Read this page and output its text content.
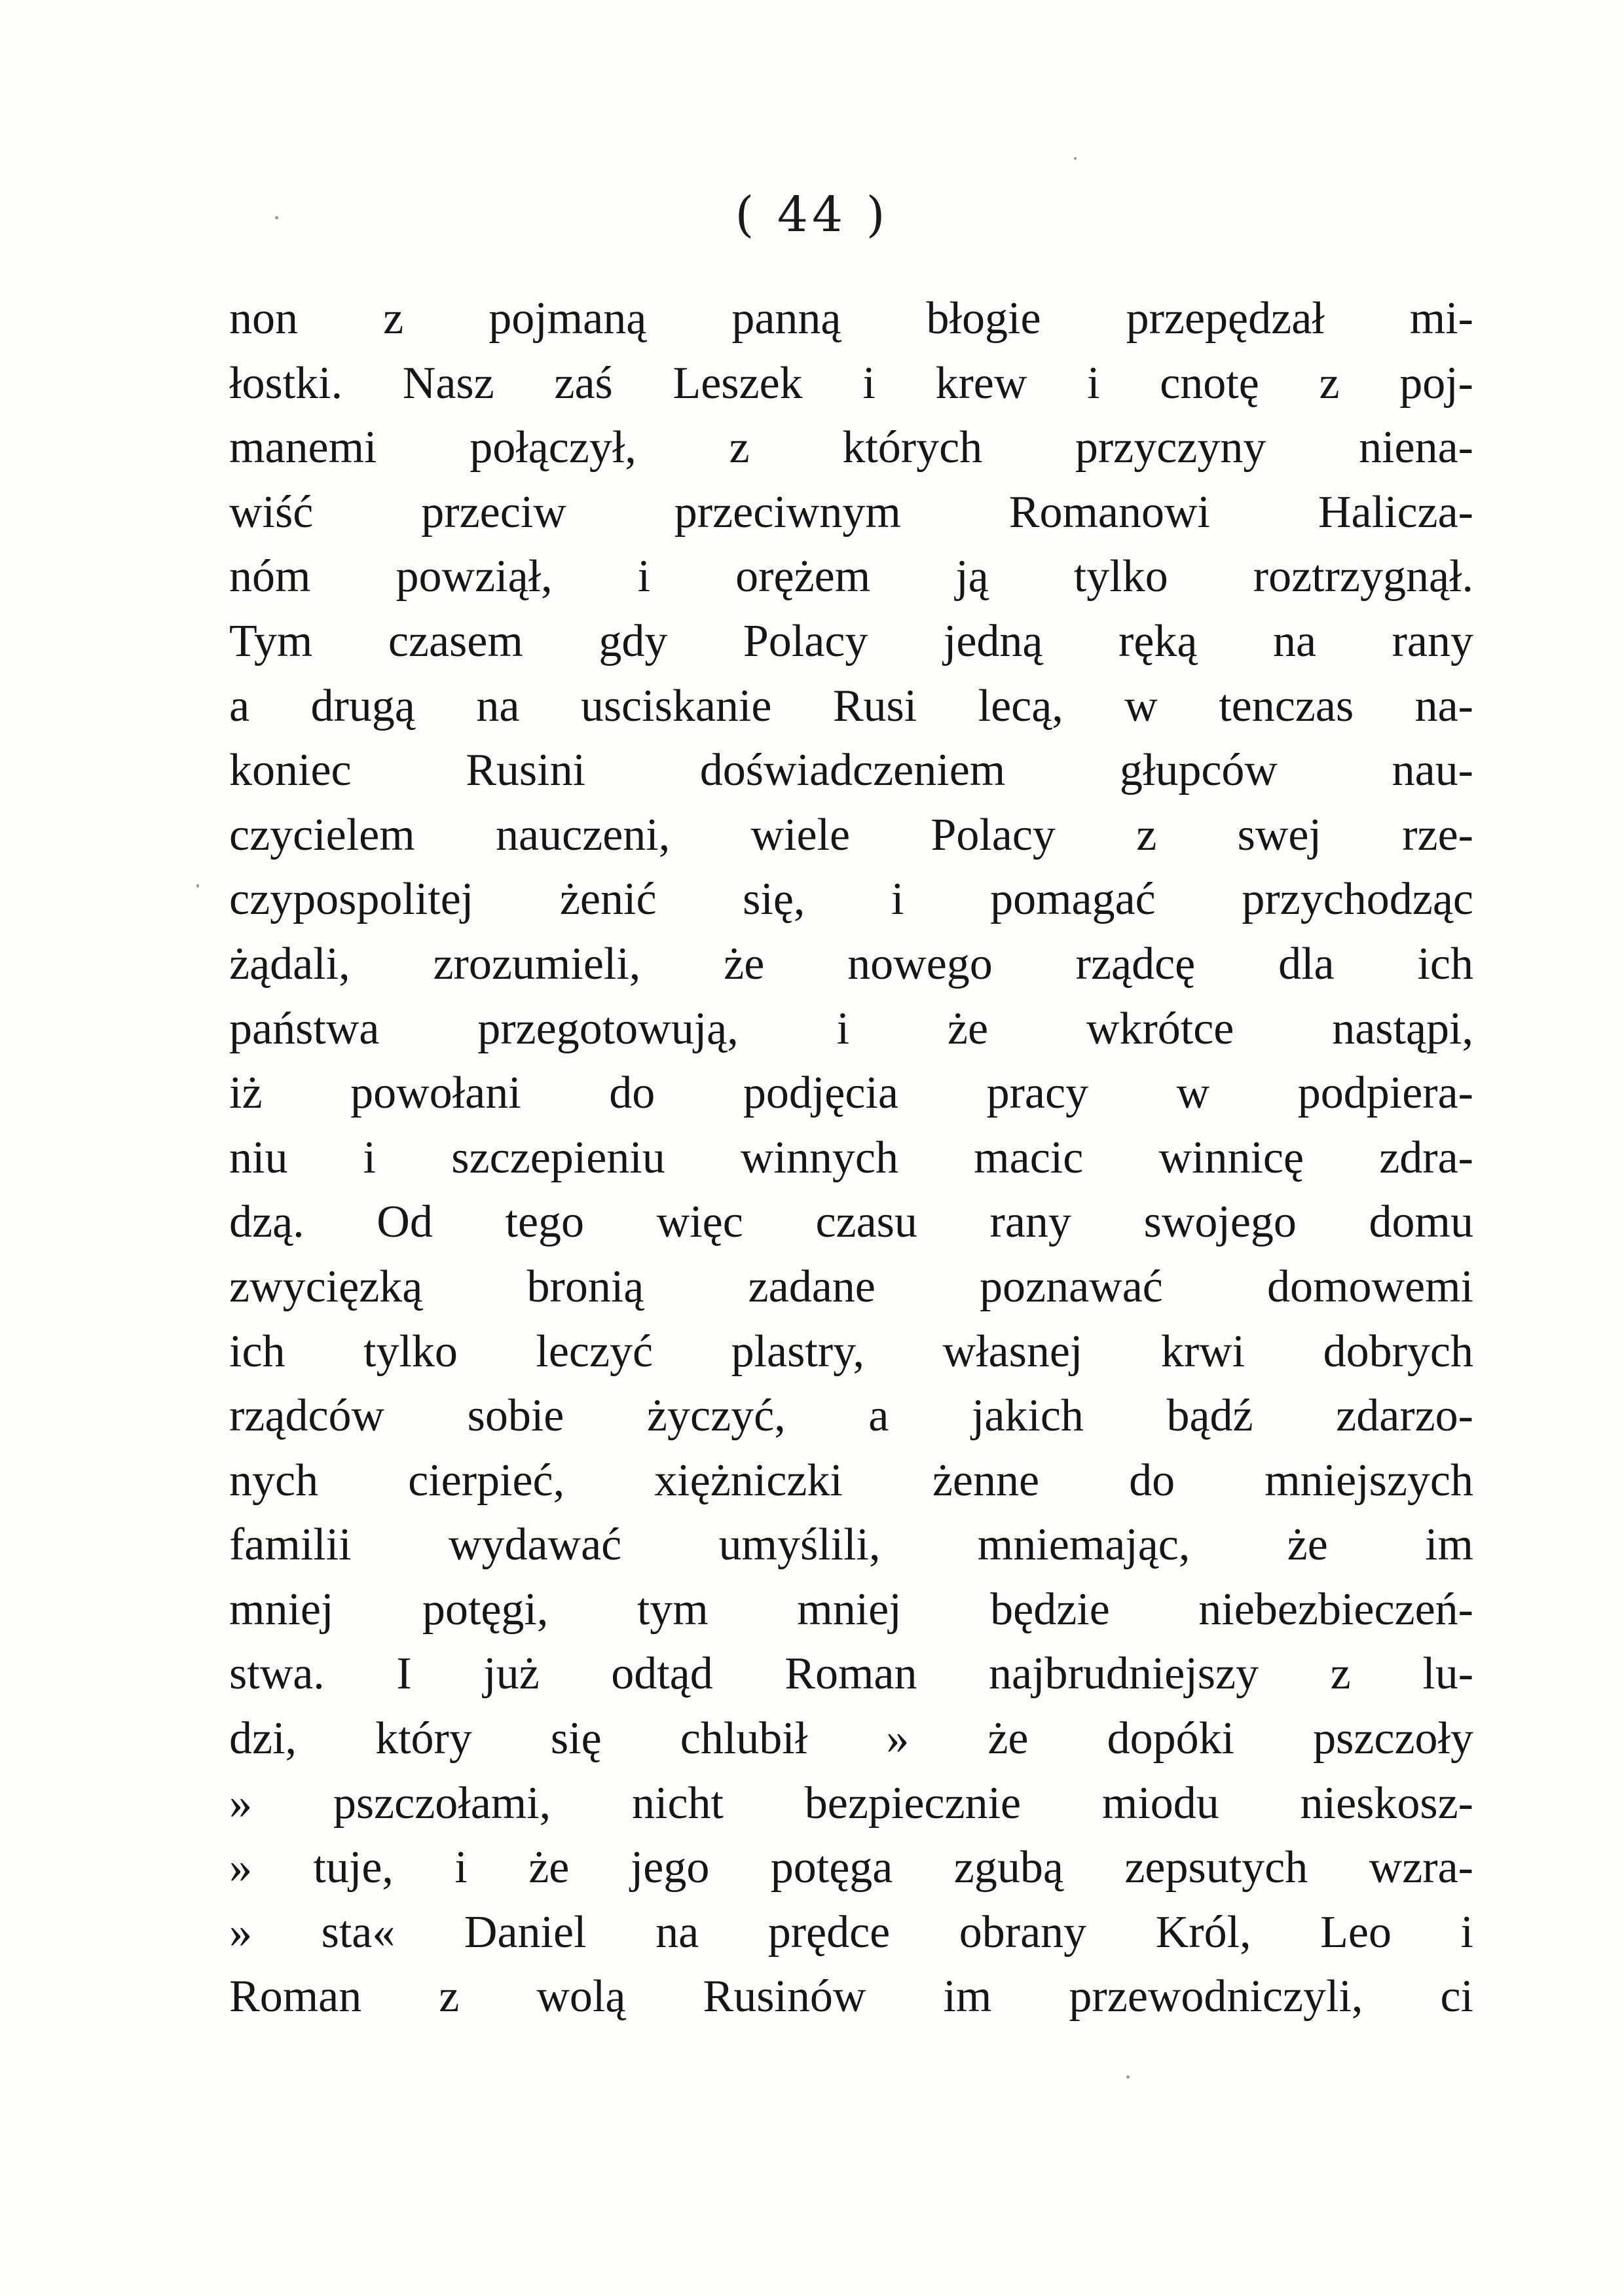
( 44 )
non z pojmaną panną błogie przepędzał mi-
łostki. Nasz zaś Leszek i krew i cnotę z poj-
manemi połączył, z których przyczyny niena-
wiść przeciw przeciwnym Romanowi Halicza-
nóm powziął, i orężem ją tylko roztrzygnął.
Tym czasem gdy Polacy jedną ręką na rany
a drugą na usciskanie Rusi lecą, w tenczas na-
koniec Rusini doświadczeniem głupców nau-
czycielem nauczeni, wiele Polacy z swej rze-
czypospolitej żenić się, i pomagać przychodząc
żądali, zrozumieli, że nowego rządcę dla ich
państwa przegotowują, i że wkrótce nastąpi,
iż powołani do podjęcia pracy w podpiera-
niu i szczepieniu winnych macic winnicę zdra-
dzą. Od tego więc czasu rany swojego domu
zwycięzką bronią zadane poznawać domowemi
ich tylko leczyć plastry, własnej krwi dobrych
rządców sobie życzyć, a jakich bądź zdarzo-
nych cierpieć, xiężniczki żenne do mniejszych
familii wydawać umyślili, mniemając, że im
mniej potęgi, tym mniej będzie niebezbieczeń-
stwa. I już odtąd Roman najbrudniejszy z lu-
dzi, który się chlubił » że dopóki pszczoły
» pszczołami, nicht bezpiecznie miodu nieskosz-
» tuje, i że jego potęga zgubą zepsutych wzra-
» sta« Daniel na prędce obrany Król, Leo i
Roman z wolą Rusinów im przewodniczyli, ci
